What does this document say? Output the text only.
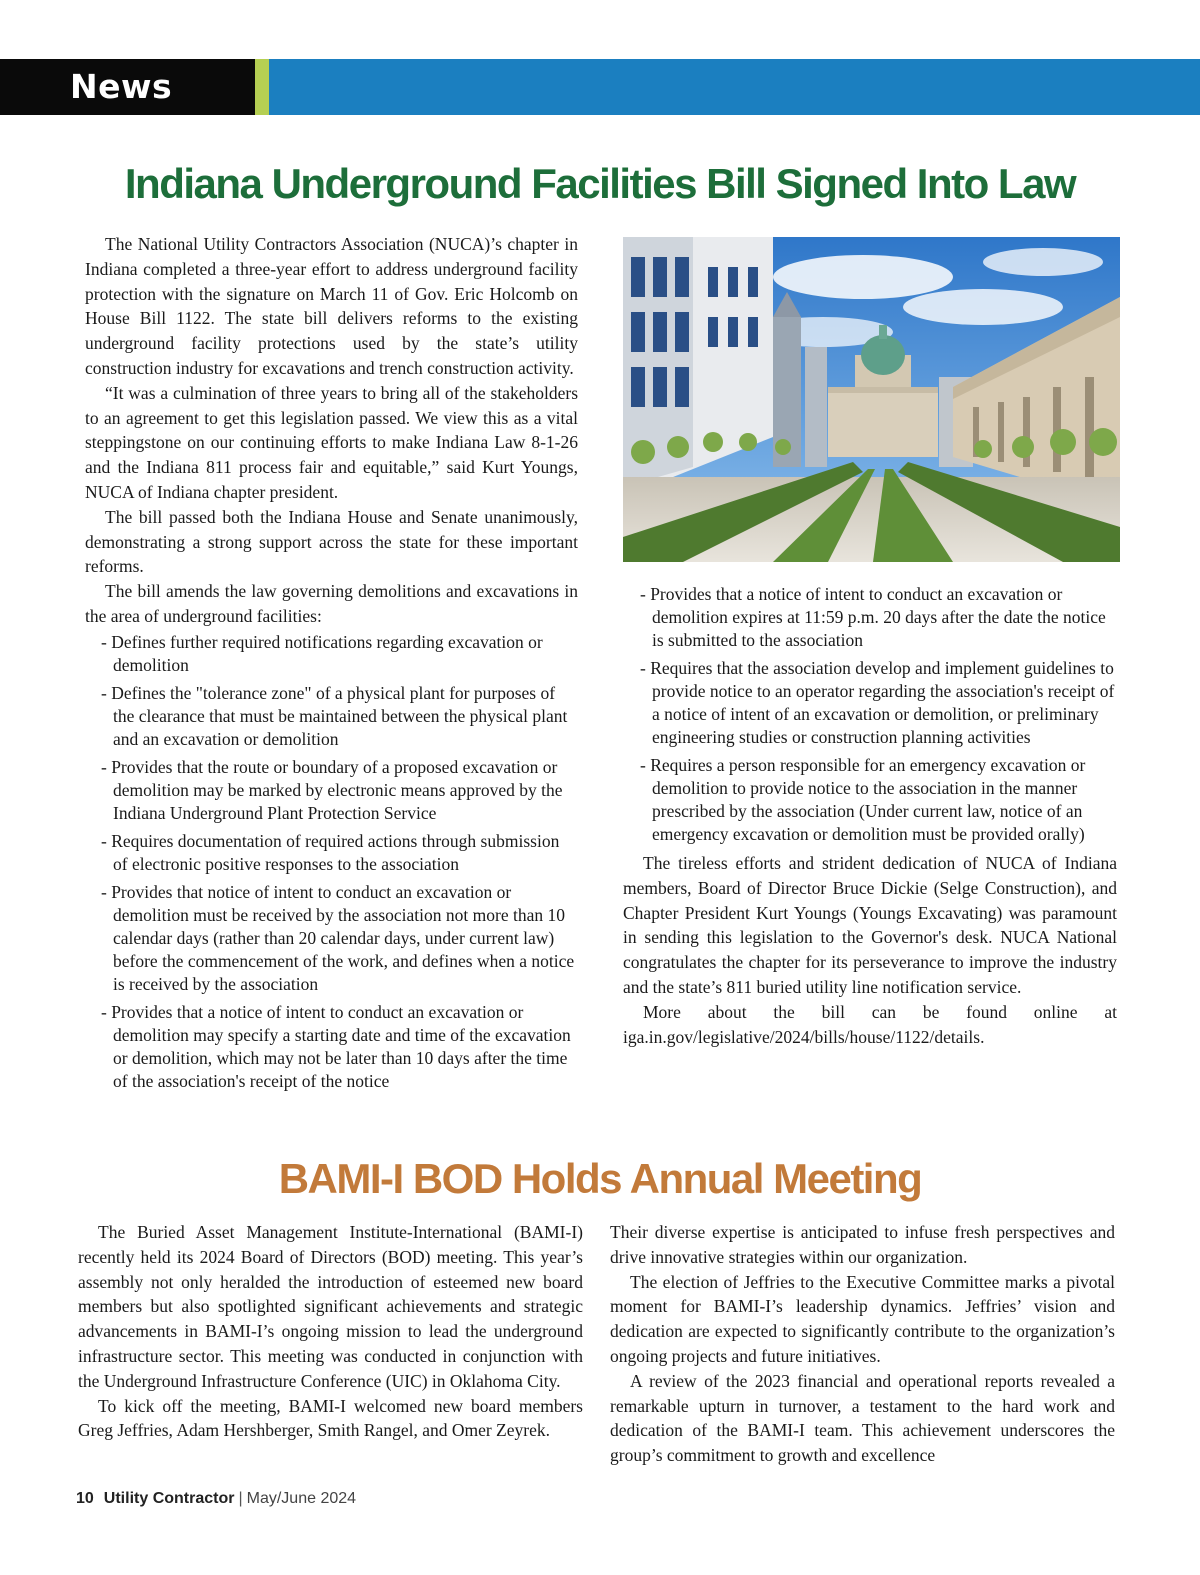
News
Indiana Underground Facilities Bill Signed Into Law

The National Utility Contractors Association (NUCA)’s chapter in Indiana completed a three-year effort to address underground facility protection with the signature on March 11 of Gov. Eric Holcomb on House Bill 1122. The state bill delivers reforms to the existing underground facility protections used by the state’s utility construction industry for excavations and trench construction activity.

“It was a culmination of three years to bring all of the stakeholders to an agreement to get this legislation passed. We view this as a vital steppingstone on our continuing efforts to make Indiana Law 8-1-26 and the Indiana 811 process fair and equitable,” said Kurt Youngs, NUCA of Indiana chapter president.

The bill passed both the Indiana House and Senate unanimously, demonstrating a strong support across the state for these important reforms.

The bill amends the law governing demolitions and excavations in the area of underground facilities:

- Defines further required notifications regarding excavation or demolition
- Defines the "tolerance zone" of a physical plant for purposes of the clearance that must be maintained between the physical plant and an excavation or demolition
- Provides that the route or boundary of a proposed excavation or demolition may be marked by electronic means approved by the Indiana Underground Plant Protection Service
- Requires documentation of required actions through submission of electronic positive responses to the association
- Provides that notice of intent to conduct an excavation or demolition must be received by the association not more than 10 calendar days (rather than 20 calendar days, under current law) before the commencement of the work, and defines when a notice is received by the association
- Provides that a notice of intent to conduct an excavation or demolition may specify a starting date and time of the excavation or demolition, which may not be later than 10 days after the time of the association's receipt of the notice
- Provides that a notice of intent to conduct an excavation or demolition expires at 11:59 p.m. 20 days after the date the notice is submitted to the association
- Requires that the association develop and implement guidelines to provide notice to an operator regarding the association's receipt of a notice of intent of an excavation or demolition, or preliminary engineering studies or construction planning activities
- Requires a person responsible for an emergency excavation or demolition to provide notice to the association in the manner prescribed by the association (Under current law, notice of an emergency excavation or demolition must be provided orally)

The tireless efforts and strident dedication of NUCA of Indiana members, Board of Director Bruce Dickie (Selge Construction), and Chapter President Kurt Youngs (Youngs Excavating) was paramount in sending this legislation to the Governor's desk. NUCA National congratulates the chapter for its perseverance to improve the industry and the state’s 811 buried utility line notification service.

More about the bill can be found online at iga.in.gov/legislative/2024/bills/house/1122/details.

BAMI-I BOD Holds Annual Meeting

The Buried Asset Management Institute-International (BAMI-I) recently held its 2024 Board of Directors (BOD) meeting. This year’s assembly not only heralded the introduction of esteemed new board members but also spotlighted significant achievements and strategic advancements in BAMI-I’s ongoing mission to lead the underground infrastructure sector. This meeting was conducted in conjunction with the Underground Infrastructure Conference (UIC) in Oklahoma City.

To kick off the meeting, BAMI-I welcomed new board members Greg Jeffries, Adam Hershberger, Smith Rangel, and Omer Zeyrek.

Their diverse expertise is anticipated to infuse fresh perspectives and drive innovative strategies within our organization.

The election of Jeffries to the Executive Committee marks a pivotal moment for BAMI-I’s leadership dynamics. Jeffries’ vision and dedication are expected to significantly contribute to the organization’s ongoing projects and future initiatives.

A review of the 2023 financial and operational reports revealed a remarkable upturn in turnover, a testament to the hard work and dedication of the BAMI-I team. This achievement underscores the group’s commitment to growth and excellence

10 Utility Contractor | May/June 2024
